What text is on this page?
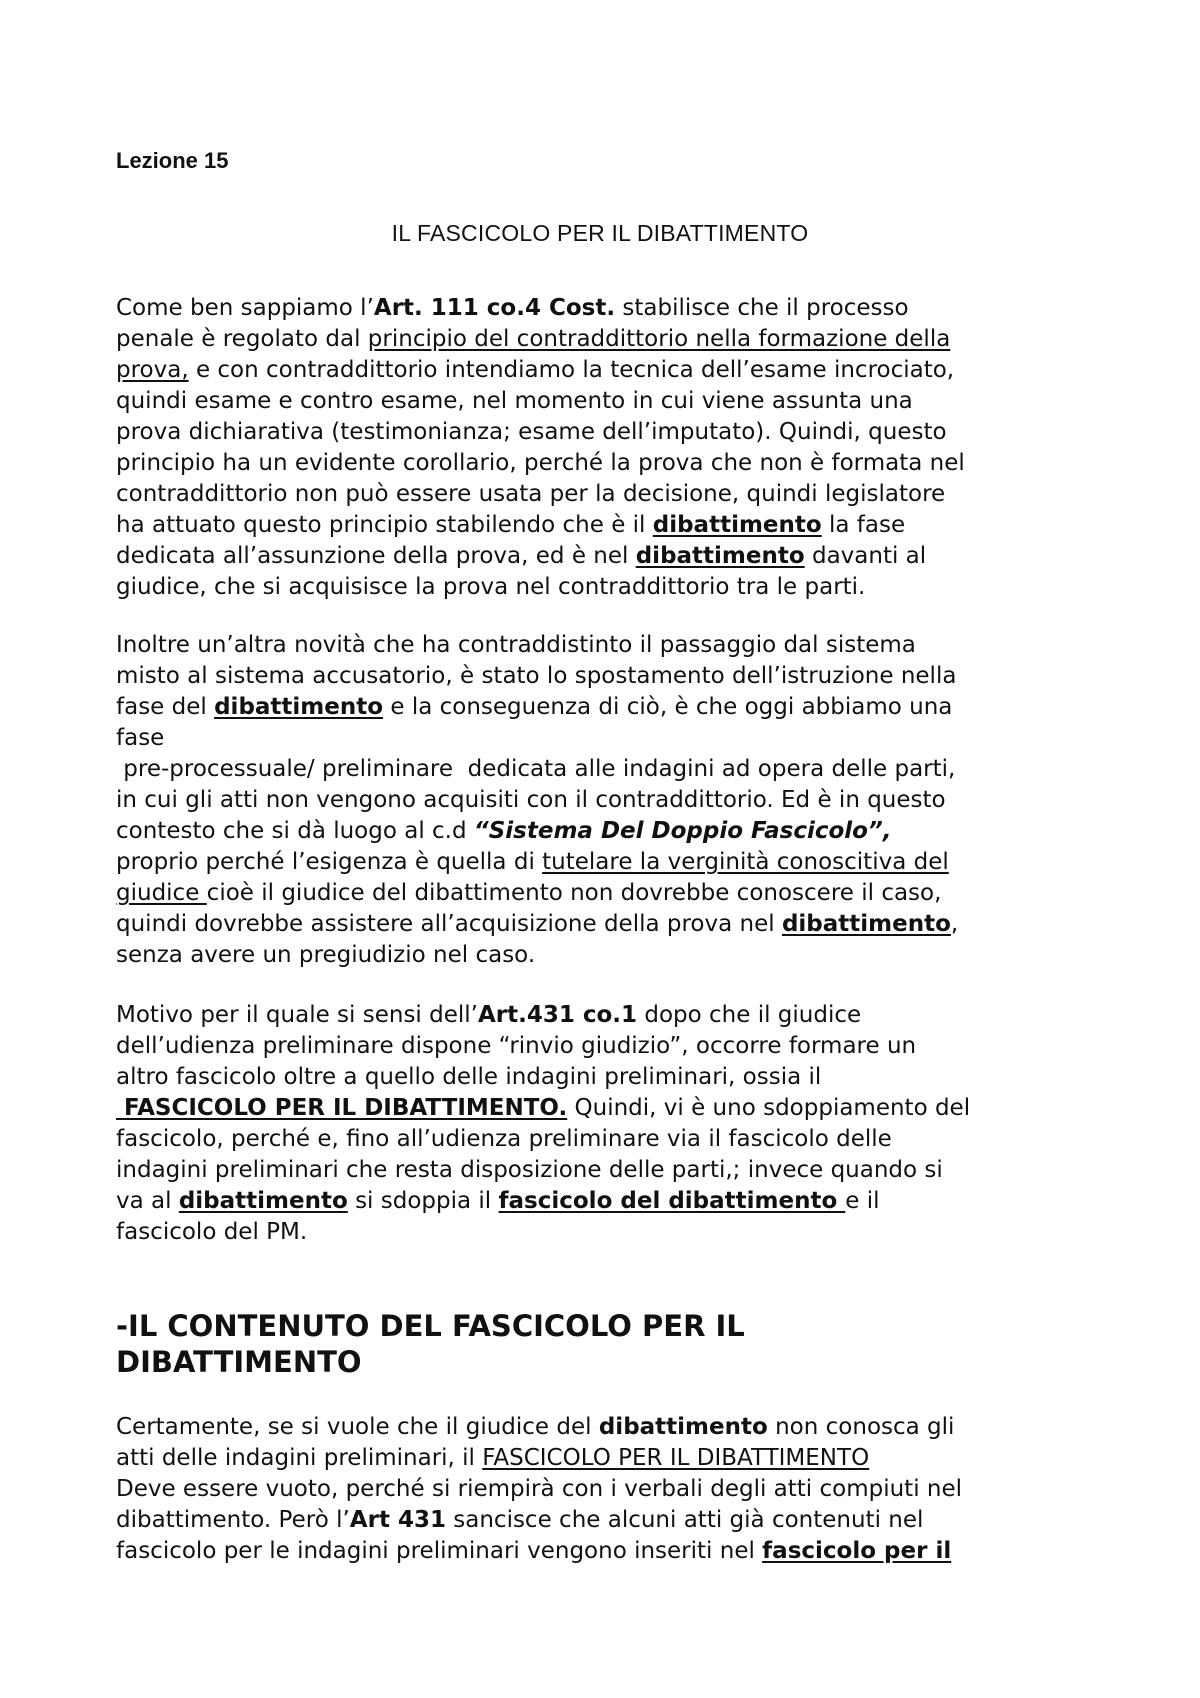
Lezione 15
IL FASCICOLO PER IL DIBATTIMENTO
Come ben sappiamo l’Art. 111 co.4 Cost. stabilisce che il processo
penale è regolato dal principio del contraddittorio nella formazione della
prova, e con contraddittorio intendiamo la tecnica dell’esame incrociato,
quindi esame e contro esame, nel momento in cui viene assunta una
prova dichiarativa (testimonianza; esame dell’imputato). Quindi, questo
principio ha un evidente corollario, perché la prova che non è formata nel
contraddittorio non può essere usata per la decisione, quindi legislatore
ha attuato questo principio stabilendo che è il dibattimento la fase
dedicata all’assunzione della prova, ed è nel dibattimento davanti al
giudice, che si acquisisce la prova nel contraddittorio tra le parti.
Inoltre un’altra novità che ha contraddistinto il passaggio dal sistema
misto al sistema accusatorio, è stato lo spostamento dell’istruzione nella
fase del dibattimento e la conseguenza di ciò, è che oggi abbiamo una
fase
pre-processuale/ preliminare  dedicata alle indagini ad opera delle parti,
in cui gli atti non vengono acquisiti con il contraddittorio. Ed è in questo
contesto che si dà luogo al c.d “Sistema Del Doppio Fascicolo”,
proprio perché l’esigenza è quella di tutelare la verginità conoscitiva del
giudice cioè il giudice del dibattimento non dovrebbe conoscere il caso,
quindi dovrebbe assistere all’acquisizione della prova nel dibattimento,
senza avere un pregiudizio nel caso.
Motivo per il quale si sensi dell’Art.431 co.1 dopo che il giudice
dell’udienza preliminare dispone “rinvio giudizio”, occorre formare un
altro fascicolo oltre a quello delle indagini preliminari, ossia il
FASCICOLO PER IL DIBATTIMENTO. Quindi, vi è uno sdoppiamento del
fascicolo, perché e, fino all’udienza preliminare via il fascicolo delle
indagini preliminari che resta disposizione delle parti,; invece quando si
va al dibattimento si sdoppia il fascicolo del dibattimento e il
fascicolo del PM.
-IL CONTENUTO DEL FASCICOLO PER IL
DIBATTIMENTO
Certamente, se si vuole che il giudice del dibattimento non conosca gli
atti delle indagini preliminari, il FASCICOLO PER IL DIBATTIMENTO
Deve essere vuoto, perché si riempirà con i verbali degli atti compiuti nel
dibattimento. Però l’Art 431 sancisce che alcuni atti già contenuti nel
fascicolo per le indagini preliminari vengono inseriti nel fascicolo per il
